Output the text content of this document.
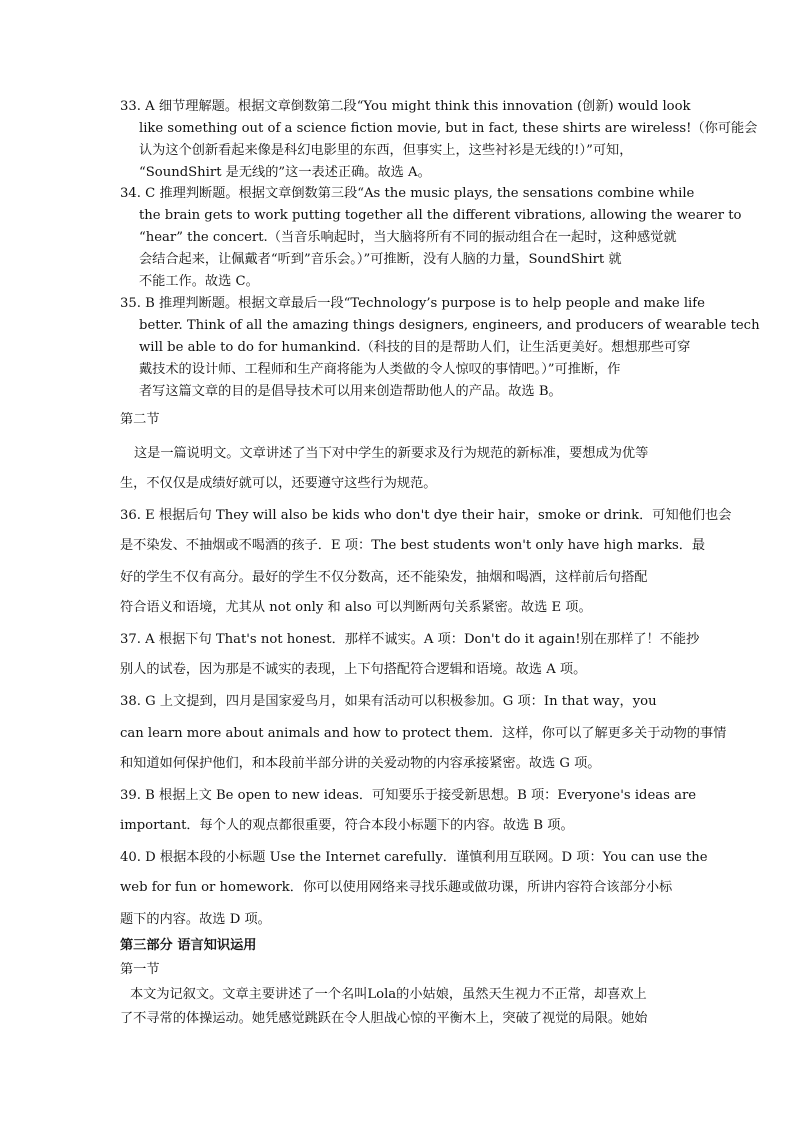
33. A 细节理解题。根据文章倒数第二段“You might think this innovation (创新) would look
like something out of a science fiction movie, but in fact, these shirts are wireless!（你可能会
认为这个创新看起来像是科幻电影里的东西，但事实上，这些衬衫是无线的!）”可知，
“SoundShirt 是无线的”这一表述正确。故选 A。
34. C 推理判断题。根据文章倒数第三段“As the music plays, the sensations combine while
the brain gets to work putting together all the different vibrations, allowing the wearer to
“hear” the concert.（当音乐响起时，当大脑将所有不同的振动组合在一起时，这种感觉就
会结合起来，让佩戴者“听到”音乐会。）”可推断，没有人脑的力量，SoundShirt 就
不能工作。故选 C。
35. B 推理判断题。根据文章最后一段“Technology’s purpose is to help people and make life
better. Think of all the amazing things designers, engineers, and producers of wearable tech
will be able to do for humankind.（科技的目的是帮助人们，让生活更美好。想想那些可穿
戴技术的设计师、工程师和生产商将能为人类做的令人惊叹的事情吧。）”可推断，作
者写这篇文章的目的是倡导技术可以用来创造帮助他人的产品。故选 B。
第二节
这是一篇说明文。文章讲述了当下对中学生的新要求及行为规范的新标准，要想成为优等
生，不仅仅是成绩好就可以，还要遵守这些行为规范。
36. E 根据后句 They will also be kids who don't dye their hair，smoke or drink．可知他们也会
是不染发、不抽烟或不喝酒的孩子．E 项：The best students won't only have high marks．最
好的学生不仅有高分。最好的学生不仅分数高，还不能染发，抽烟和喝酒，这样前后句搭配
符合语义和语境，尤其从 not only 和 also 可以判断两句关系紧密。故选 E 项。
37. A 根据下句 That's not honest．那样不诚实。A 项：Don't do it again!别在那样了！不能抄
别人的试卷，因为那是不诚实的表现，上下句搭配符合逻辑和语境。故选 A 项。
38. G 上文提到，四月是国家爱鸟月，如果有活动可以积极参加。G 项：In that way，you
can learn more about animals and how to protect them．这样，你可以了解更多关于动物的事情
和知道如何保护他们，和本段前半部分讲的关爱动物的内容承接紧密。故选 G 项。
39. B 根据上文 Be open to new ideas．可知要乐于接受新思想。B 项：Everyone's ideas are
important．每个人的观点都很重要，符合本段小标题下的内容。故选 B 项。
40. D 根据本段的小标题 Use the Internet carefully．谨慎利用互联网。D 项：You can use the
web for fun or homework．你可以使用网络来寻找乐趣或做功课，所讲内容符合该部分小标
题下的内容。故选 D 项。
第三部分 语言知识运用
第一节
本文为记叙文。文章主要讲述了一个名叫Lola的小姑娘，虽然天生视力不正常，却喜欢上
了不寻常的体操运动。她凭感觉跳跃在令人胆战心惊的平衡木上，突破了视觉的局限。她始
